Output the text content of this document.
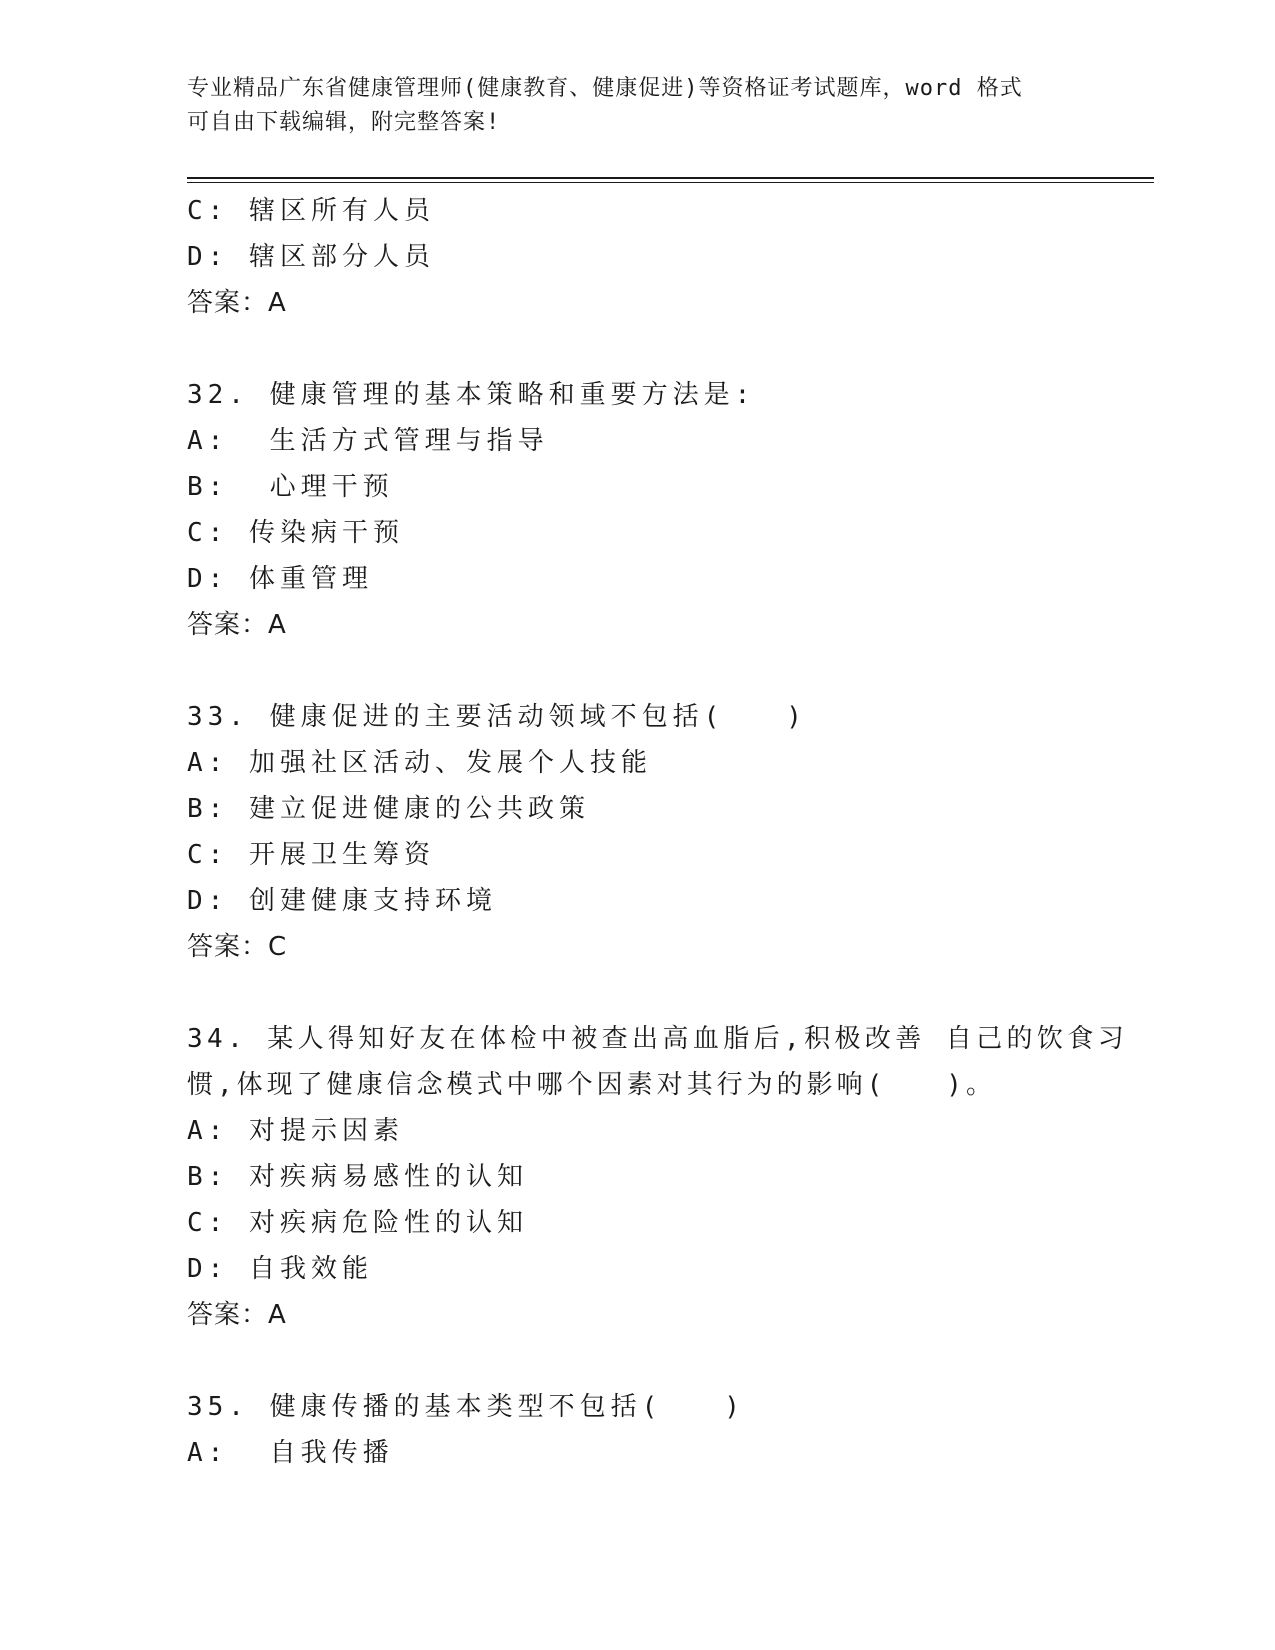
专业精品广东省健康管理师(健康教育、健康促进)等资格证考试题库，word 格式
可自由下载编辑，附完整答案!
C: 辖区所有人员
D: 辖区部分人员
答案：A
32. 健康管理的基本策略和重要方法是:
A:  生活方式管理与指导
B:  心理干预
C: 传染病干预
D: 体重管理
答案：A
33. 健康促进的主要活动领域不包括(　　)
A: 加强社区活动、发展个人技能
B: 建立促进健康的公共政策
C: 开展卫生筹资
D: 创建健康支持环境
答案：C
34. 某人得知好友在体检中被查出高血脂后,积极改善 自己的饮食习
惯,体现了健康信念模式中哪个因素对其行为的影响(　　)。
A: 对提示因素
B: 对疾病易感性的认知
C: 对疾病危险性的认知
D: 自我效能
答案：A
35. 健康传播的基本类型不包括(　　)
A:  自我传播
